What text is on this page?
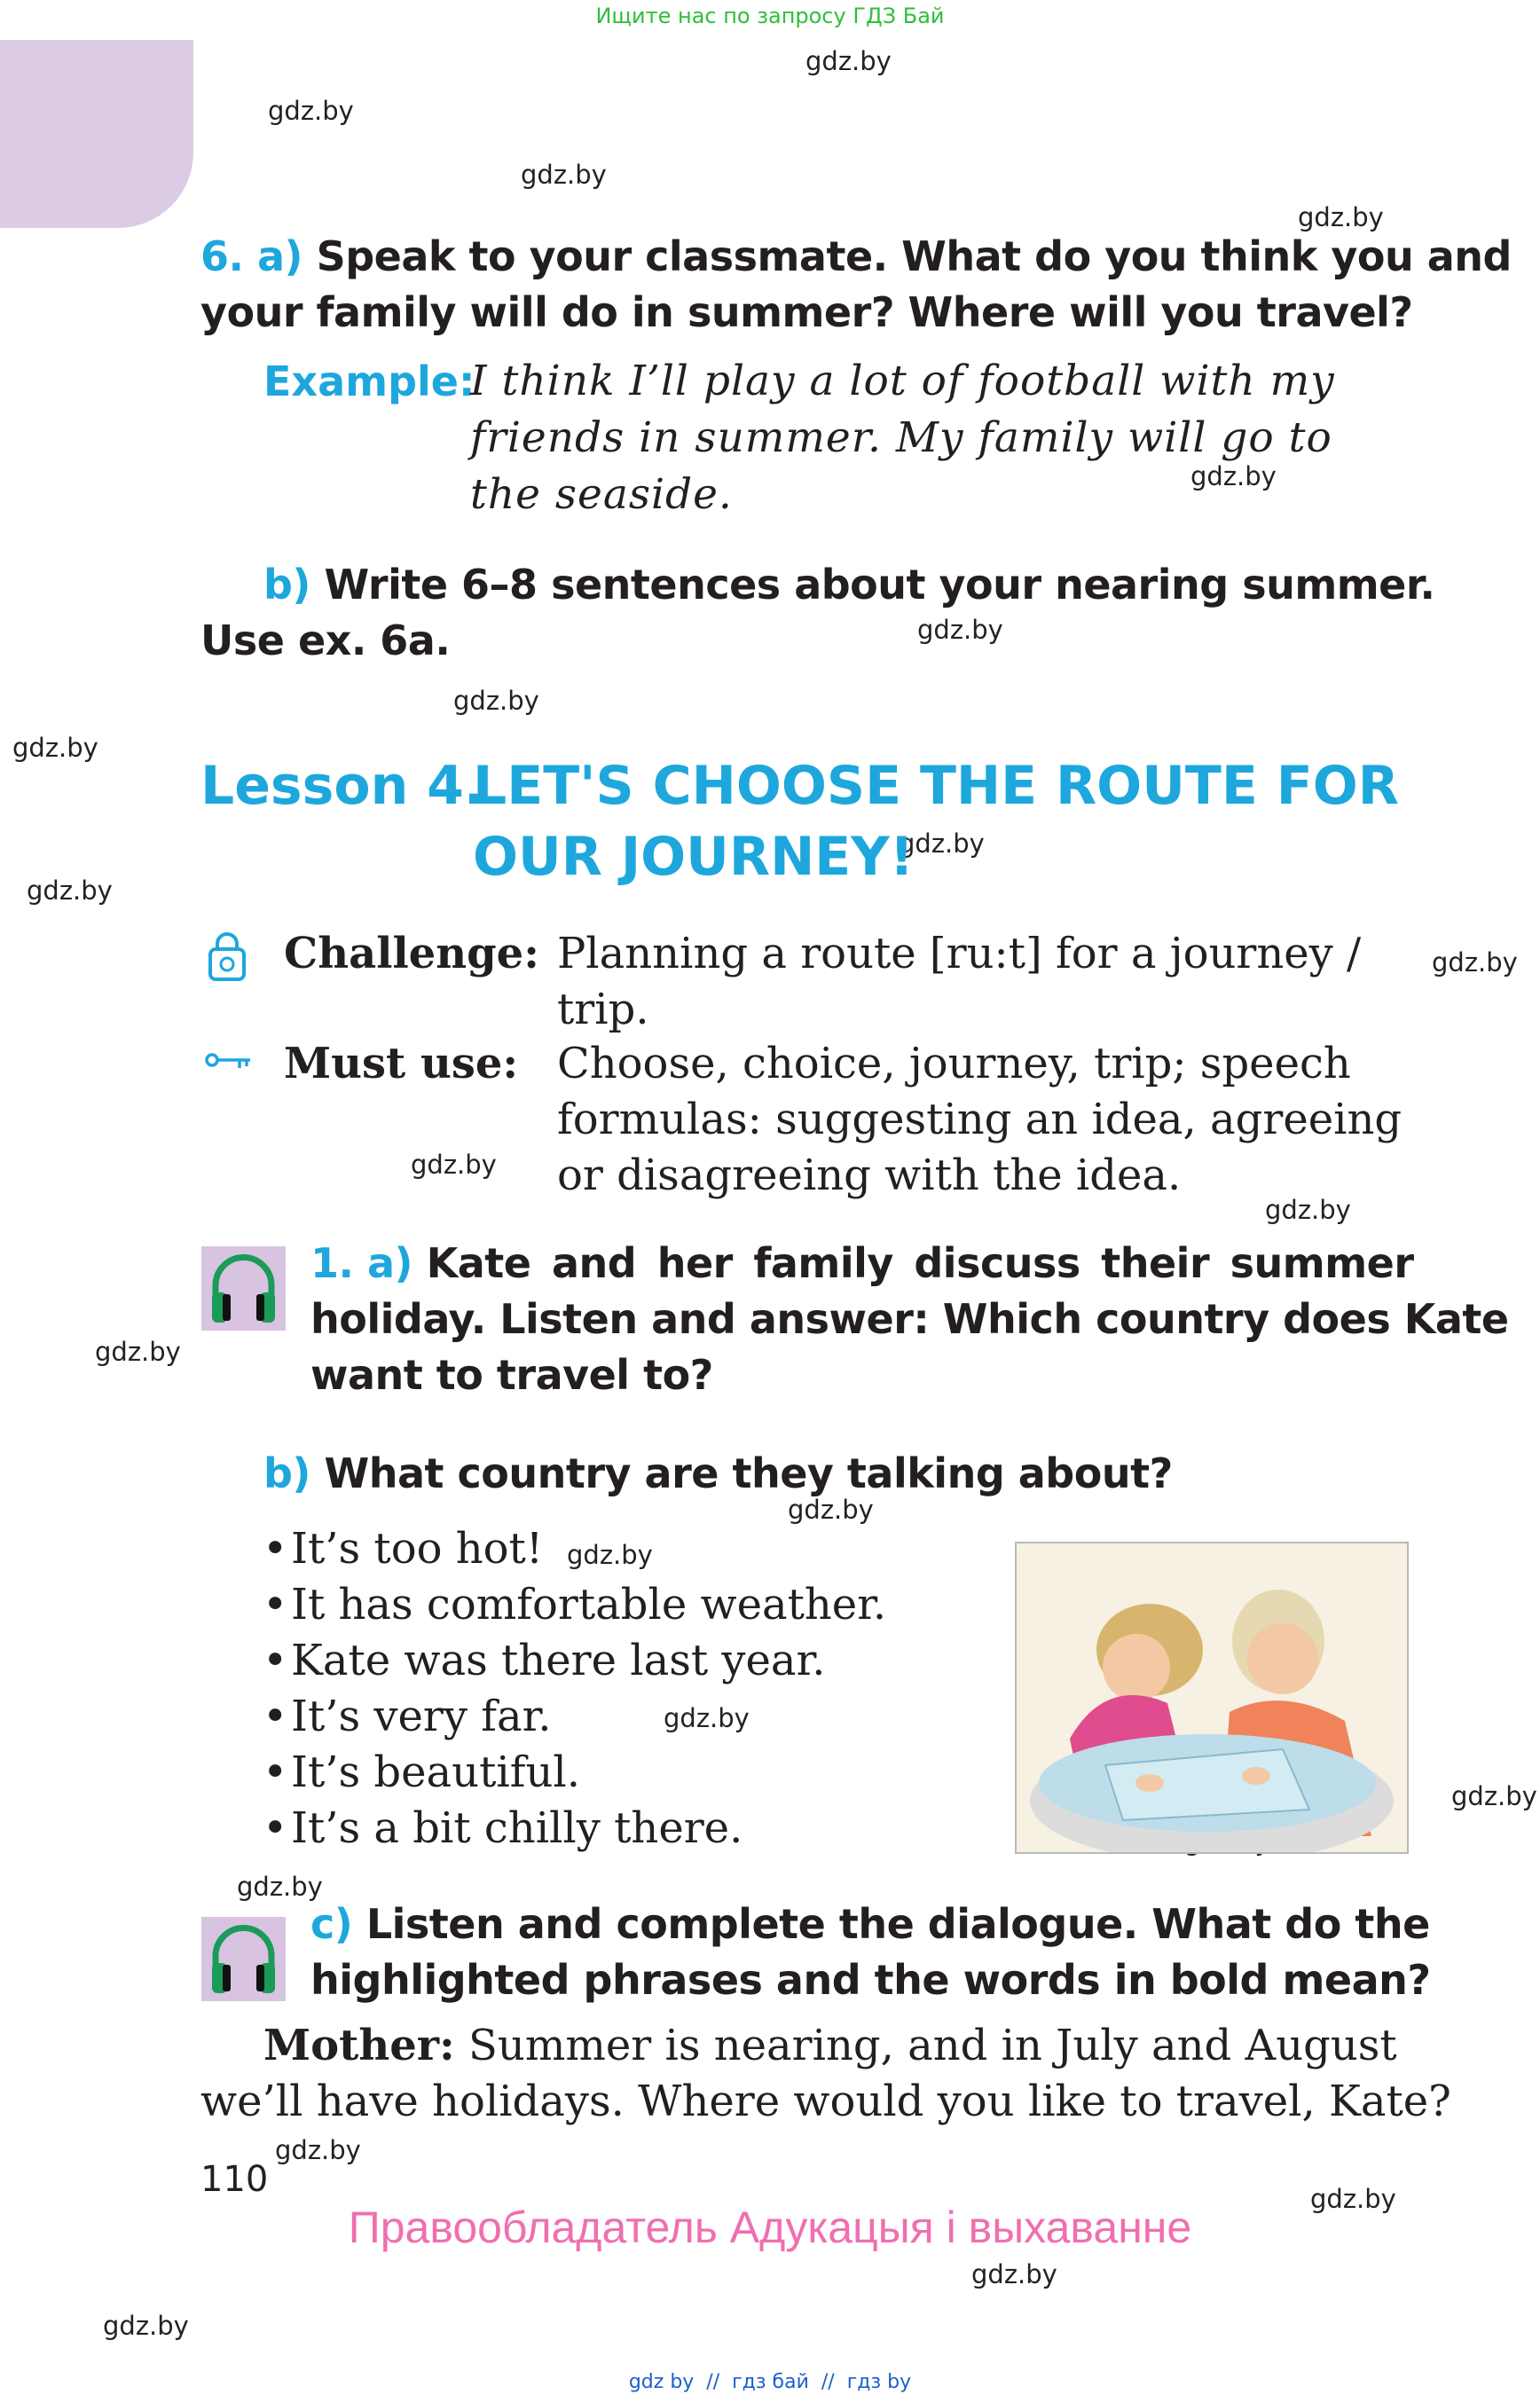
Ищите нас по запросу ГДЗ Бай
gdz.by
gdz.by
gdz.by
gdz.by
gdz.by
gdz.by
gdz.by
gdz.by
gdz.by
gdz.by
gdz.by
gdz.by
gdz.by
gdz.by
gdz.by
gdz.by
gdz.by
gdz.by
gdz.by
gdz.by
gdz.by
gdz.by
gdz.by
6. a) Speak to your classmate. What do you think you and
your family will do in summer? Where will you travel?
Example:
I think I’ll play a lot of football with my
friends in summer. My family will go to
the seaside.
b) Write 6–8 sentences about your nearing summer.
Use ex. 6a.
Lesson 4.
LET'S CHOOSE THE ROUTE FOR
OUR JOURNEY!
Challenge: Planning a route [ru:t] for a journey /
trip.
Must use: Choose, choice, journey, trip; speech
formulas: suggesting an idea, agreeing
or disagreeing with the idea.
1. a) Kate and her family discuss their summer
holiday. Listen and answer: Which country does Kate
want to travel to?
b) What country are they talking about?
• It’s too hot!
• It has comfortable weather.
• Kate was there last year.
• It’s very far.
• It’s beautiful.
• It’s a bit chilly there.
c) Listen and complete the dialogue. What do the
highlighted phrases and the words in bold mean?
Mother: Summer is nearing, and in July and August
we’ll have holidays. Where would you like to travel, Kate?
110
Правообладатель Адукацыя і выхаванне
gdz by  //  гдз бай  //  гдз by
